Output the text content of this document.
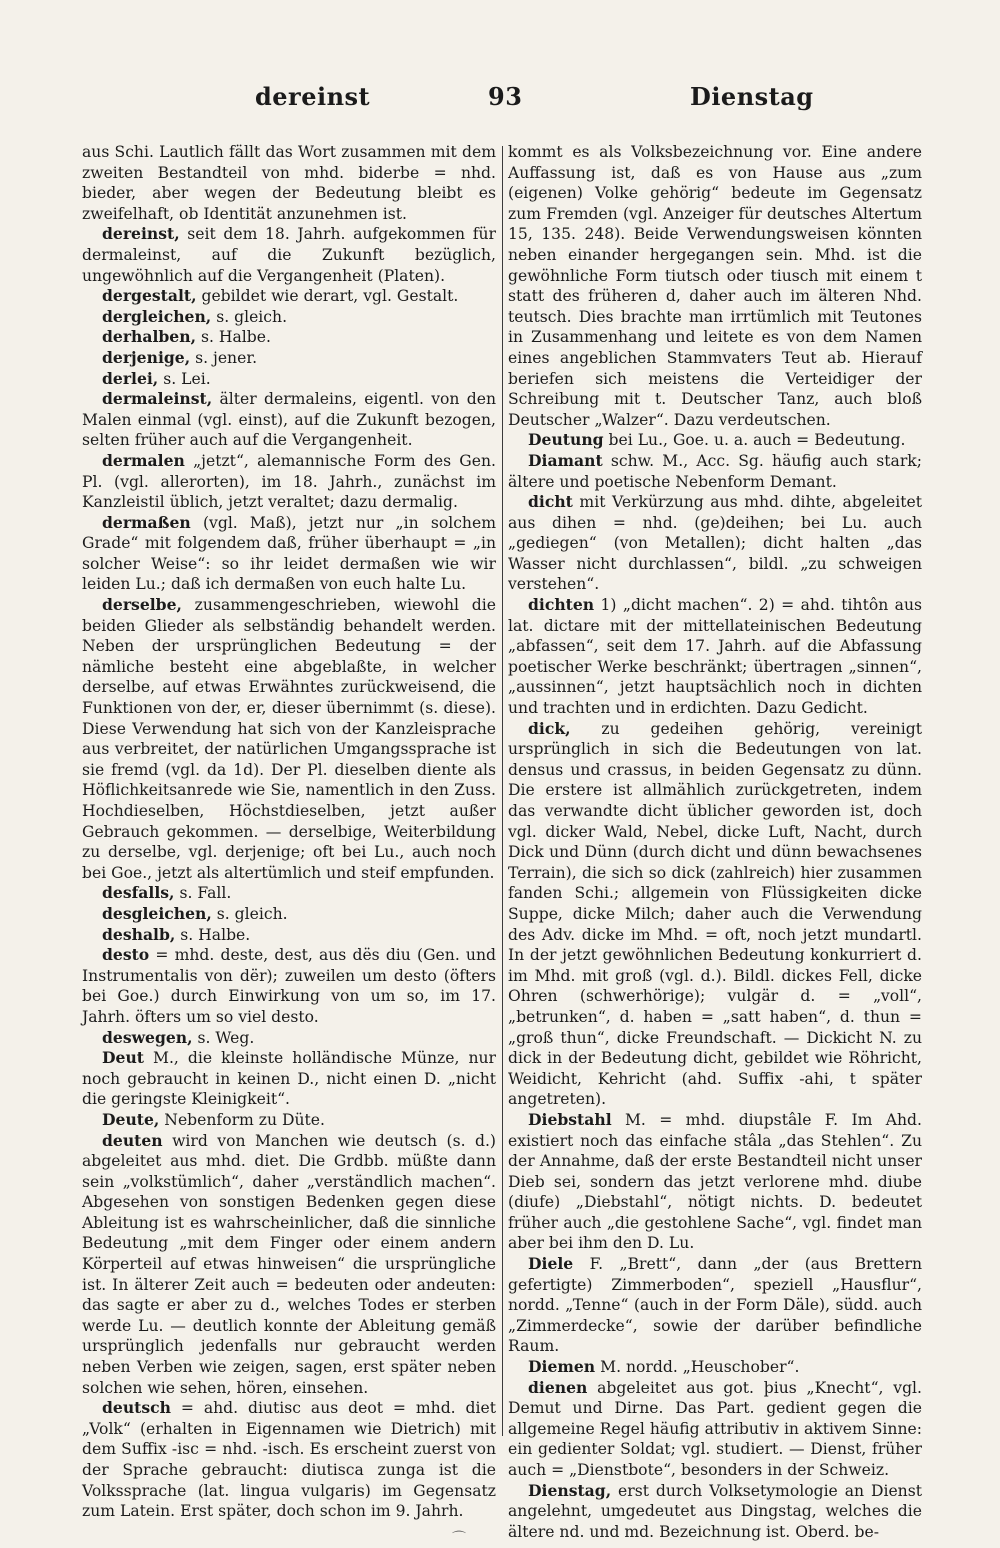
dereinst	93	Dienstag

aus Schi. Lautlich fällt das Wort zusammen mit dem zweiten Bestandteil von mhd. biderbe = nhd. bieder, aber wegen der Bedeutung bleibt es zweifelhaft, ob Identität anzunehmen ist.

dereinst, seit dem 18. Jahrh. aufgekommen für dermaleinst, auf die Zukunft bezüglich, ungewöhnlich auf die Vergangenheit (Platen).

dergestalt, gebildet wie derart, vgl. Gestalt.

dergleichen, s. gleich.

derhalben, s. Halbe.

derjenige, s. jener.

derlei, s. Lei.

dermaleinst, älter dermaleins, eigentl. von den Malen einmal (vgl. einst), auf die Zukunft bezogen, selten früher auch auf die Vergangenheit.

dermalen „jetzt“, alemannische Form des Gen. Pl. (vgl. allerorten), im 18. Jahrh., zunächst im Kanzleistil üblich, jetzt veraltet; dazu dermalig.

dermaßen (vgl. Maß), jetzt nur „in solchem Grade“ mit folgendem daß, früher überhaupt = „in solcher Weise“: so ihr leidet dermaßen wie wir leiden Lu.; daß ich dermaßen von euch halte Lu.

derselbe, zusammengeschrieben, wiewohl die beiden Glieder als selbständig behandelt werden. Neben der ursprünglichen Bedeutung = der nämliche besteht eine abgeblaßte, in welcher derselbe, auf etwas Erwähntes zurückweisend, die Funktionen von der, er, dieser übernimmt (s. diese). Diese Verwendung hat sich von der Kanzleisprache aus verbreitet, der natürlichen Umgangssprache ist sie fremd (vgl. da 1d). Der Pl. dieselben diente als Höflichkeitsanrede wie Sie, namentlich in den Zuss. Hochdieselben, Höchstdieselben, jetzt außer Gebrauch gekommen. — derselbige, Weiterbildung zu derselbe, vgl. derjenige; oft bei Lu., auch noch bei Goe., jetzt als altertümlich und steif empfunden.

desfalls, s. Fall.

desgleichen, s. gleich.

deshalb, s. Halbe.

desto = mhd. deste, dest, aus dës diu (Gen. und Instrumentalis von dër); zuweilen um desto (öfters bei Goe.) durch Einwirkung von um so, im 17. Jahrh. öfters um so viel desto.

deswegen, s. Weg.

Deut M., die kleinste holländische Münze, nur noch gebraucht in keinen D., nicht einen D. „nicht die geringste Kleinigkeit“.

Deute, Nebenform zu Düte.

deuten wird von Manchen wie deutsch (s. d.) abgeleitet aus mhd. diet. Die Grdbb. müßte dann sein „volkstümlich“, daher „verständlich machen“. Abgesehen von sonstigen Bedenken gegen diese Ableitung ist es wahrscheinlicher, daß die sinnliche Bedeutung „mit dem Finger oder einem andern Körperteil auf etwas hinweisen“ die ursprüngliche ist. In älterer Zeit auch = bedeuten oder andeuten: das sagte er aber zu d., welches Todes er sterben werde Lu. — deutlich konnte der Ableitung gemäß ursprünglich jedenfalls nur gebraucht werden neben Verben wie zeigen, sagen, erst später neben solchen wie sehen, hören, einsehen.

deutsch = ahd. diutisc aus deot = mhd. diet „Volk“ (erhalten in Eigennamen wie Dietrich) mit dem Suffix -isc = nhd. -isch. Es erscheint zuerst von der Sprache gebraucht: diutisca zunga ist die Volkssprache (lat. lingua vulgaris) im Gegensatz zum Latein. Erst später, doch schon im 9. Jahrh.

kommt es als Volksbezeichnung vor. Eine andere Auffassung ist, daß es von Hause aus „zum (eigenen) Volke gehörig“ bedeute im Gegensatz zum Fremden (vgl. Anzeiger für deutsches Altertum 15, 135. 248). Beide Verwendungsweisen könnten neben einander hergegangen sein. Mhd. ist die gewöhnliche Form tiutsch oder tiusch mit einem t statt des früheren d, daher auch im älteren Nhd. teutsch. Dies brachte man irrtümlich mit Teutones in Zusammenhang und leitete es von dem Namen eines angeblichen Stammvaters Teut ab. Hierauf beriefen sich meistens die Verteidiger der Schreibung mit t. Deutscher Tanz, auch bloß Deutscher „Walzer“. Dazu verdeutschen.

Deutung bei Lu., Goe. u. a. auch = Bedeutung.

Diamant schw. M., Acc. Sg. häufig auch stark; ältere und poetische Nebenform Demant.

dicht mit Verkürzung aus mhd. dihte, abgeleitet aus dihen = nhd. (ge)deihen; bei Lu. auch „gediegen“ (von Metallen); dicht halten „das Wasser nicht durchlassen“, bildl. „zu schweigen verstehen“.

dichten 1) „dicht machen“. 2) = ahd. tihtôn aus lat. dictare mit der mittellateinischen Bedeutung „abfassen“, seit dem 17. Jahrh. auf die Abfassung poetischer Werke beschränkt; übertragen „sinnen“, „aussinnen“, jetzt hauptsächlich noch in dichten und trachten und in erdichten. Dazu Gedicht.

dick, zu gedeihen gehörig, vereinigt ursprünglich in sich die Bedeutungen von lat. densus und crassus, in beiden Gegensatz zu dünn. Die erstere ist allmählich zurückgetreten, indem das verwandte dicht üblicher geworden ist, doch vgl. dicker Wald, Nebel, dicke Luft, Nacht, durch Dick und Dünn (durch dicht und dünn bewachsenes Terrain), die sich so dick (zahlreich) hier zusammen fanden Schi.; allgemein von Flüssigkeiten dicke Suppe, dicke Milch; daher auch die Verwendung des Adv. dicke im Mhd. = oft, noch jetzt mundartl. In der jetzt gewöhnlichen Bedeutung konkurriert d. im Mhd. mit groß (vgl. d.). Bildl. dickes Fell, dicke Ohren (schwerhörige); vulgär d. = „voll“, „betrunken“, d. haben = „satt haben“, d. thun = „groß thun“, dicke Freundschaft. — Dickicht N. zu dick in der Bedeutung dicht, gebildet wie Röhricht, Weidicht, Kehricht (ahd. Suffix -ahi, t später angetreten).

Diebstahl M. = mhd. diupstâle F. Im Ahd. existiert noch das einfache stâla „das Stehlen“. Zu der Annahme, daß der erste Bestandteil nicht unser Dieb sei, sondern das jetzt verlorene mhd. diube (diufe) „Diebstahl“, nötigt nichts. D. bedeutet früher auch „die gestohlene Sache“, vgl. findet man aber bei ihm den D. Lu.

Diele F. „Brett“, dann „der (aus Brettern gefertigte) Zimmerboden“, speziell „Hausflur“, nordd. „Tenne“ (auch in der Form Däle), südd. auch „Zimmerdecke“, sowie der darüber befindliche Raum.

Diemen M. nordd. „Heuschober“.

dienen abgeleitet aus got. þius „Knecht“, vgl. Demut und Dirne. Das Part. gedient gegen die allgemeine Regel häufig attributiv in aktivem Sinne: ein gedienter Soldat; vgl. studiert. — Dienst, früher auch = „Dienstbote“, besonders in der Schweiz.

Dienstag, erst durch Volksetymologie an Dienst angelehnt, umgedeutet aus Dingstag, welches die ältere nd. und md. Bezeichnung ist. Oberd. be-

⌒
